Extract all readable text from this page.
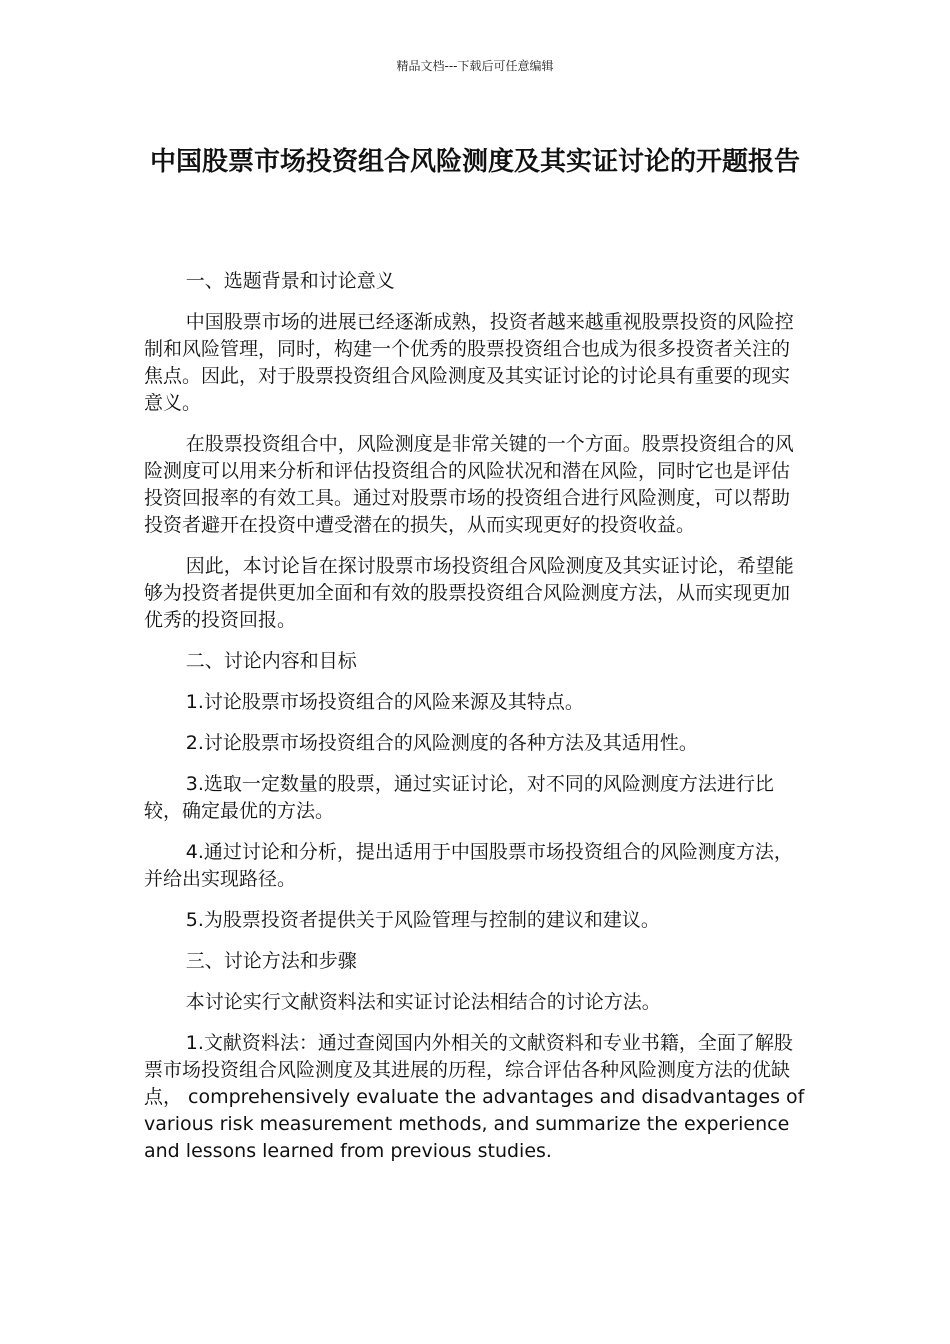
精品文档---下载后可任意编辑
中国股票市场投资组合风险测度及其实证讨论的开题报告
一、选题背景和讨论意义

中国股票市场的进展已经逐渐成熟，投资者越来越重视股票投资的风险控制和风险管理，同时，构建一个优秀的股票投资组合也成为很多投资者关注的焦点。因此，对于股票投资组合风险测度及其实证讨论的讨论具有重要的现实意义。

在股票投资组合中，风险测度是非常关键的一个方面。股票投资组合的风险测度可以用来分析和评估投资组合的风险状况和潜在风险，同时它也是评估投资回报率的有效工具。通过对股票市场的投资组合进行风险测度，可以帮助投资者避开在投资中遭受潜在的损失，从而实现更好的投资收益。

因此，本讨论旨在探讨股票市场投资组合风险测度及其实证讨论，希望能够为投资者提供更加全面和有效的股票投资组合风险测度方法，从而实现更加优秀的投资回报。

二、讨论内容和目标

1.讨论股票市场投资组合的风险来源及其特点。

2.讨论股票市场投资组合的风险测度的各种方法及其适用性。

3.选取一定数量的股票，通过实证讨论，对不同的风险测度方法进行比较，确定最优的方法。

4.通过讨论和分析，提出适用于中国股票市场投资组合的风险测度方法，并给出实现路径。

5.为股票投资者提供关于风险管理与控制的建议和建议。

三、讨论方法和步骤

本讨论实行文献资料法和实证讨论法相结合的讨论方法。

1.文献资料法：通过查阅国内外相关的文献资料和专业书籍，全面了解股票市场投资组合风险测度及其进展的历程，综合评估各种风险测度方法的优缺点， comprehensively evaluate the advantages and disadvantages of various risk measurement methods, and summarize the experience and lessons learned from previous studies.
